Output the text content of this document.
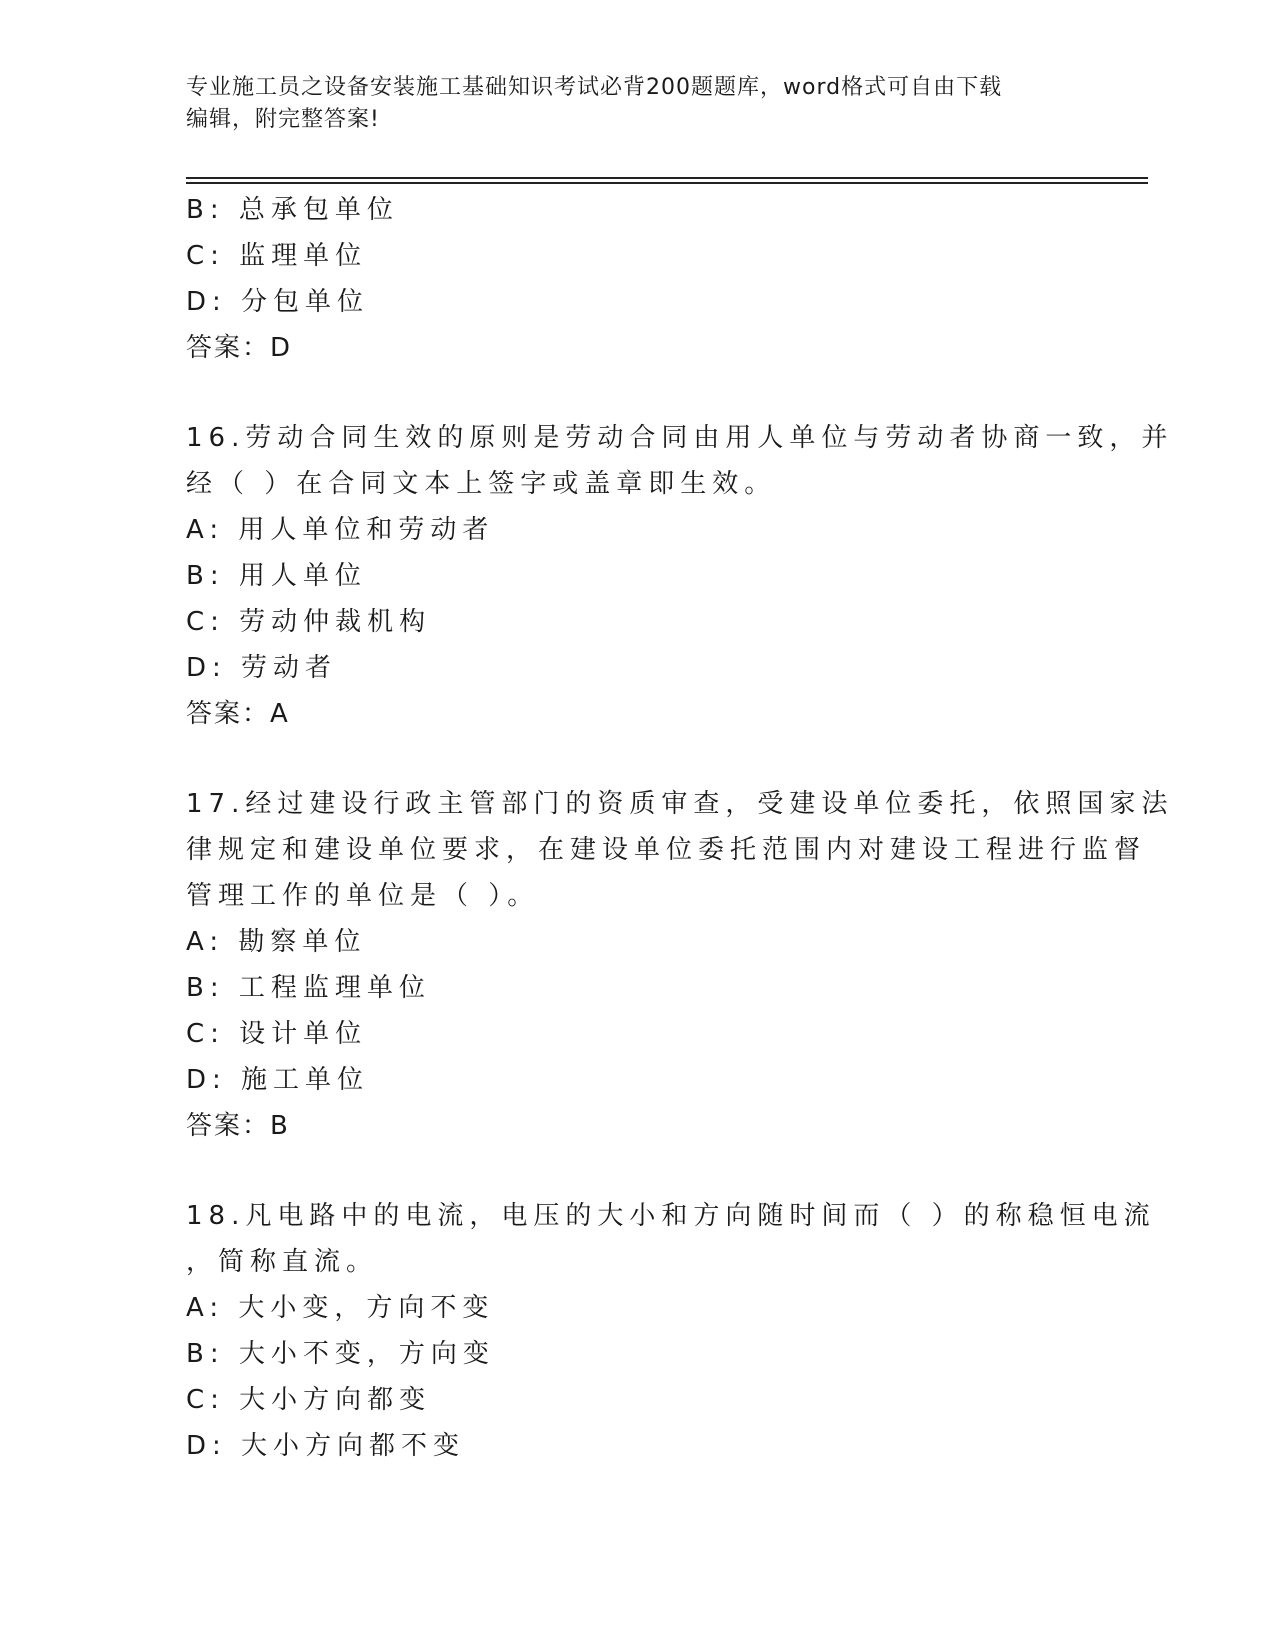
专业施工员之设备安装施工基础知识考试必背200题题库，word格式可自由下载
编辑，附完整答案!
B: 总承包单位
C: 监理单位
D: 分包单位
答案：D
16.劳动合同生效的原则是劳动合同由用人单位与劳动者协商一致，并
经（ ）在合同文本上签字或盖章即生效。
A: 用人单位和劳动者
B: 用人单位
C: 劳动仲裁机构
D: 劳动者
答案：A
17.经过建设行政主管部门的资质审查，受建设单位委托，依照国家法
律规定和建设单位要求，在建设单位委托范围内对建设工程进行监督
管理工作的单位是（ ）。
A: 勘察单位
B: 工程监理单位
C: 设计单位
D: 施工单位
答案：B
18.凡电路中的电流，电压的大小和方向随时间而（ ）的称稳恒电流
，简称直流。
A: 大小变，方向不变
B: 大小不变，方向变
C: 大小方向都变
D: 大小方向都不变
